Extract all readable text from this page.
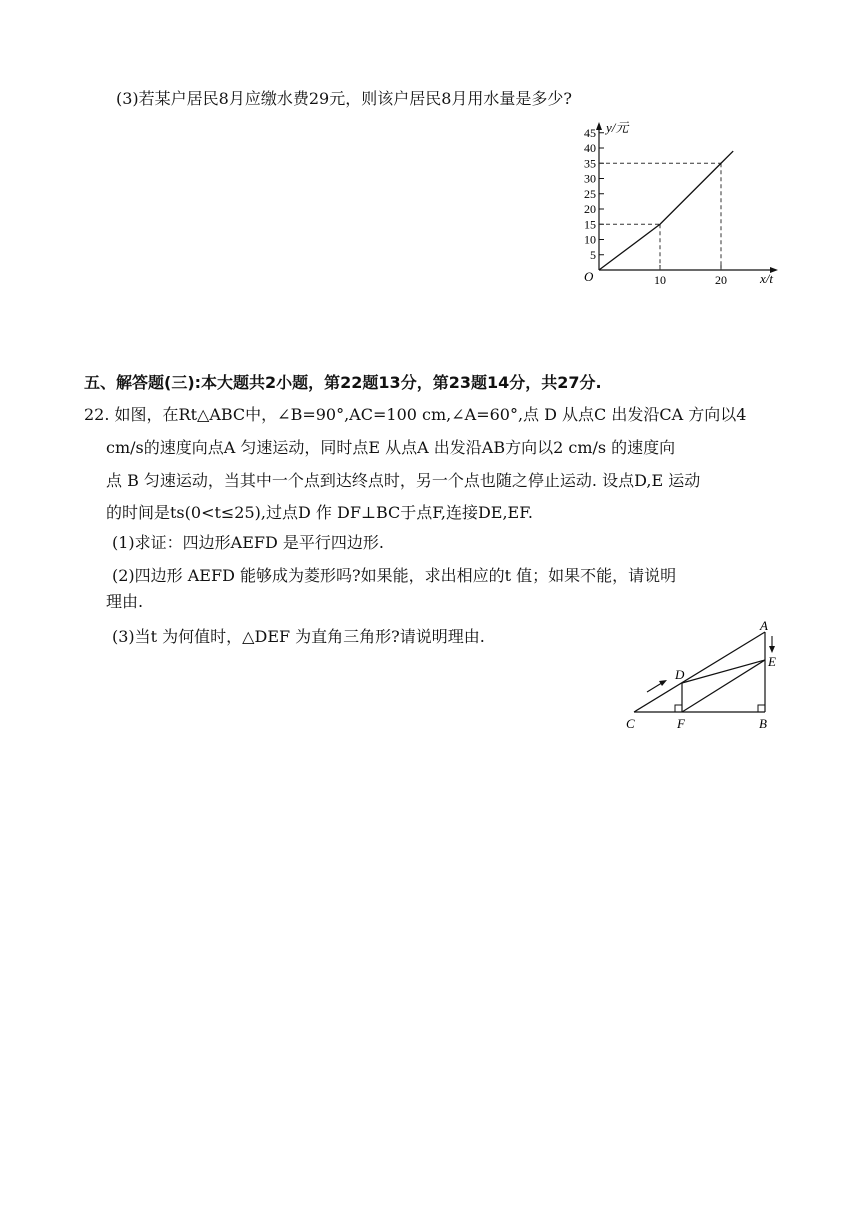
(3)若某户居民8月应缴水费29元，则该户居民8月用水量是多少?
45
40
35
30
25
20
15
10
5
10	20
y/元
x/t
O
五、解答题(三):本大题共2小题，第22题13分，第23题14分，共27分.
22. 如图，在Rt△ABC中，∠B=90°,AC=100 cm,∠A=60°,点 D 从点C 出发沿CA 方向以4
cm/s的速度向点A 匀速运动，同时点E 从点A 出发沿AB方向以2 cm/s 的速度向
点 B 匀速运动，当其中一个点到达终点时，另一个点也随之停止运动. 设点D,E 运动
的时间是ts(0<t≤25),过点D 作 DF⊥BC于点F,连接DE,EF.
(1)求证：四边形AEFD 是平行四边形.
(2)四边形 AEFD 能够成为菱形吗?如果能，求出相应的t 值；如果不能，请说明
理由.
(3)当t 为何值时，△DEF 为直角三角形?请说明理由.
A
E
D
C	F	B
